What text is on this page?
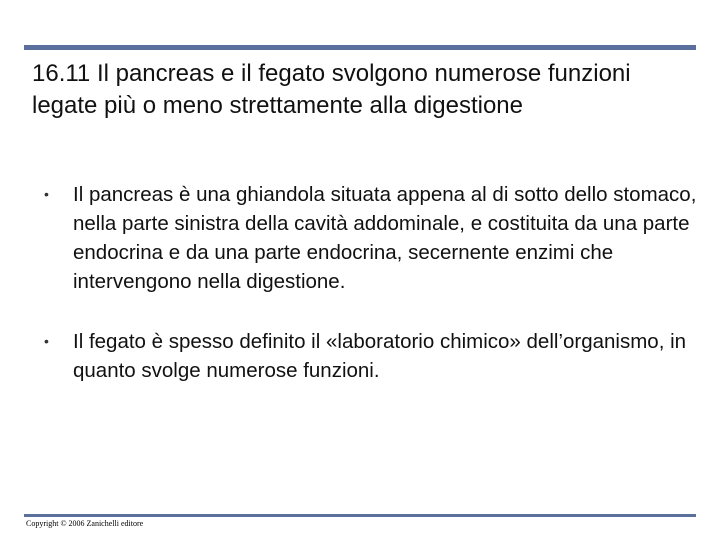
16.11 Il pancreas e il fegato svolgono numerose funzioni legate più o meno strettamente alla digestione
• Il pancreas è una ghiandola situata appena al di sotto dello stomaco, nella parte sinistra della cavità addominale, e costituita da una parte endocrina e da una parte endocrina, secernente enzimi che intervengono nella digestione.
• Il fegato è spesso definito il «laboratorio chimico» dell’organismo, in quanto svolge numerose funzioni.
Copyright © 2006 Zanichelli editore
